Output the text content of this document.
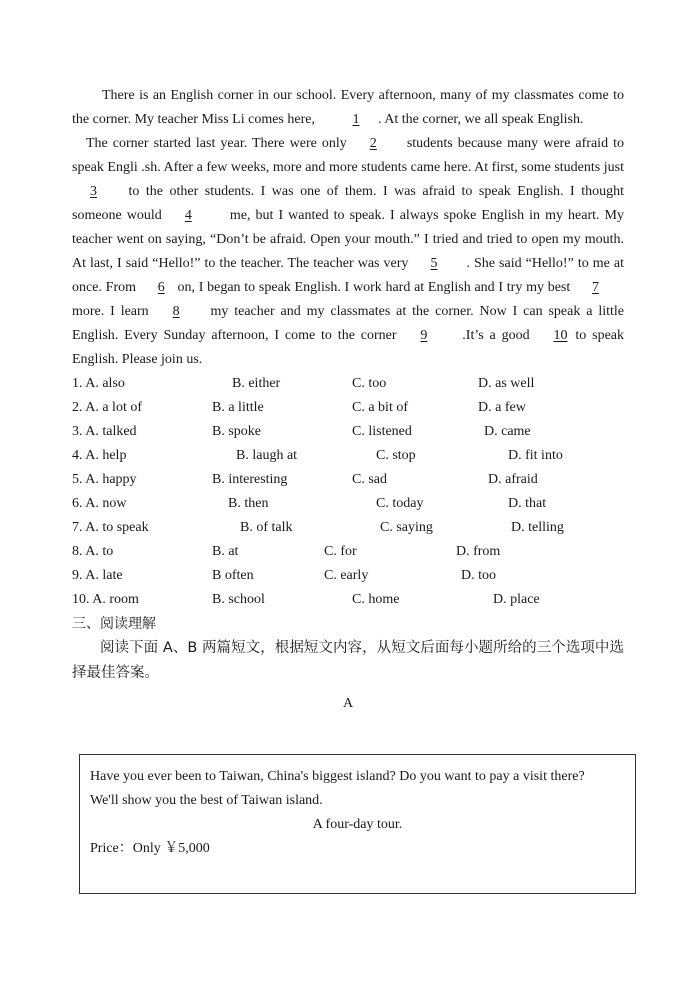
There is an English corner in our school. Every afternoon, many of my classmates come to the corner. My teacher Miss Li comes here, 1 . At the corner, we all speak English.

The corner started last year. There were only 2 students because many were afraid to speak Engli .sh. After a few weeks, more and more students came here. At first, some students just 3 to the other students. I was one of them. I was afraid to speak English. I thought someone would 4 me, but I wanted to speak. I always spoke English in my heart. My teacher went on saying, “Don’t be afraid. Open your mouth.” I tried and tried to open my mouth. At last, I said “Hello!” to the teacher. The teacher was very 5 . She said “Hello!” to me at once. From 6 on, I began to speak English. I work hard at English and I try my best 7 more. I learn 8 my teacher and my classmates at the corner. Now I can speak a little English. Every Sunday afternoon, I come to the corner 9 .It’s a good 10 to speak English. Please join us.

1. A. also	B. either	C. too	D. as well
2. A. a lot of	B. a little	C. a bit of	D. a few
3. A. talked	B. spoke	C. listened	D. came
4. A. help	B. laugh at	C. stop	D. fit into
5. A. happy	B. interesting	C. sad	D. afraid
6. A. now	B. then	C. today	D. that
7. A. to speak	B. of talk	C. saying	D. telling
8. A. to	B. at	C. for	D. from
9. A. late	B often	C. early	D. too
10. A. room	B. school	C. home	D. place

三、阅读理解

阅读下面 A、B 两篇短文，根据短文内容，从短文后面每小题所给的三个选项中选择最佳答案。

A

Have you ever been to Taiwan, China's biggest island? Do you want to pay a visit there?

We'll show you the best of Taiwan island.

A four-day tour.

Price：Only ￥5,000
